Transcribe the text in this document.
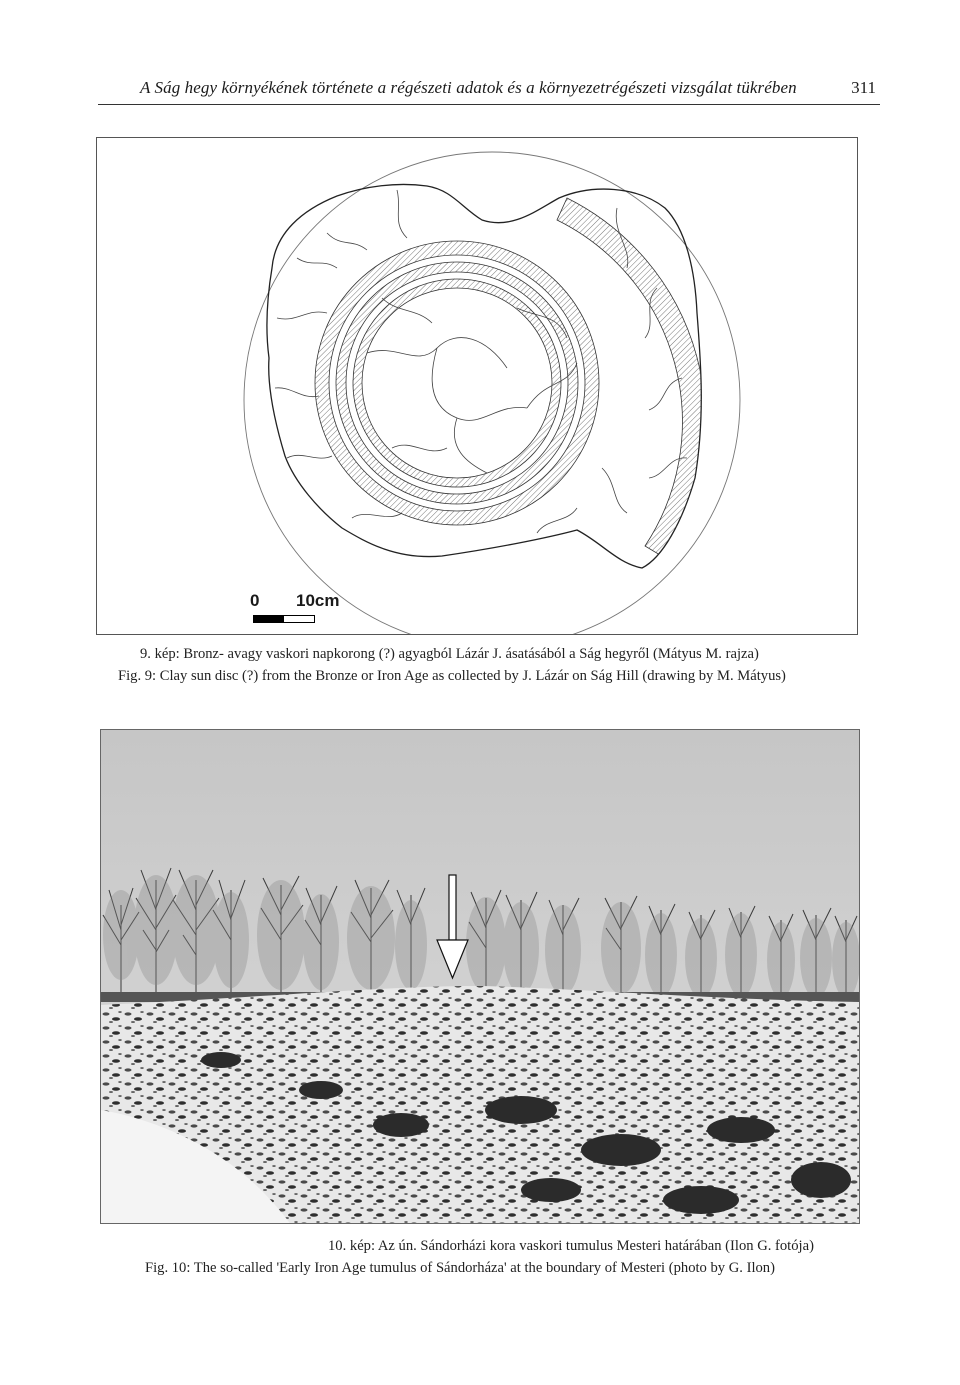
A Ság hegy környékének története a régészeti adatok és a környezetrégészeti vizsgálat tükrében	311
0 10cm
9. kép: Bronz- avagy vaskori napkorong (?) agyagból Lázár J. ásatásából a Ság hegyről (Mátyus M. rajza)
Fig. 9: Clay sun disc (?) from the Bronze or Iron Age as collected by J. Lázár on Ság Hill (drawing by M. Mátyus)
10. kép: Az ún. Sándorházi kora vaskori tumulus Mesteri határában (Ilon G. fotója)
Fig. 10: The so-called 'Early Iron Age tumulus of Sándorháza' at the boundary of Mesteri (photo by G. Ilon)
